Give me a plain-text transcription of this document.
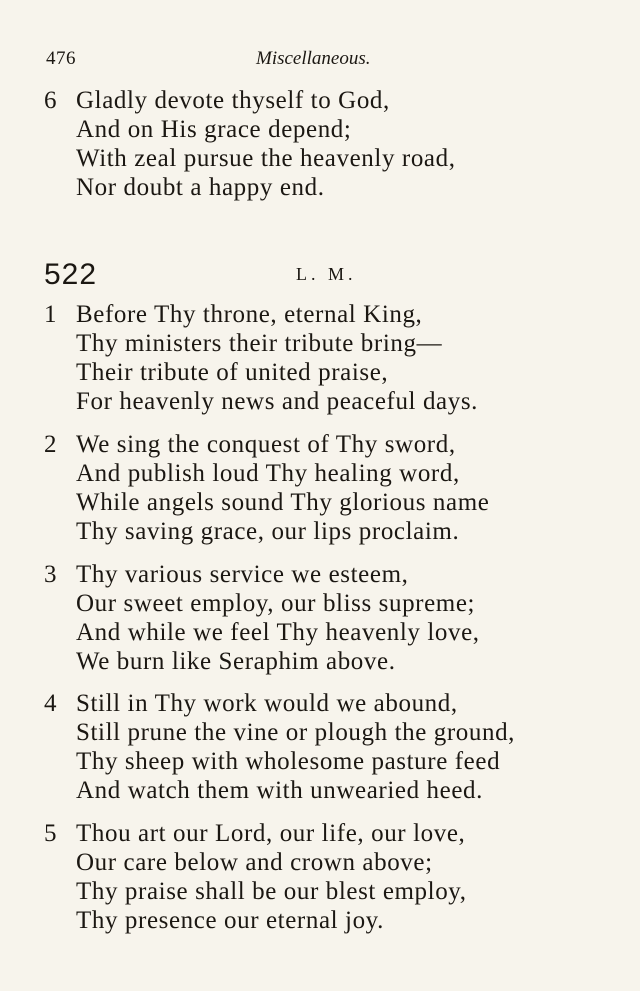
476	Miscellaneous.
6 Gladly devote thyself to God,
And on His grace depend;
With zeal pursue the heavenly road,
Nor doubt a happy end.
522	L. M.
1 Before Thy throne, eternal King,
Thy ministers their tribute bring—
Their tribute of united praise,
For heavenly news and peaceful days.
2 We sing the conquest of Thy sword,
And publish loud Thy healing word,
While angels sound Thy glorious name
Thy saving grace, our lips proclaim.
3 Thy various service we esteem,
Our sweet employ, our bliss supreme;
And while we feel Thy heavenly love,
We burn like Seraphim above.
4 Still in Thy work would we abound,
Still prune the vine or plough the ground,
Thy sheep with wholesome pasture feed
And watch them with unwearied heed.
5 Thou art our Lord, our life, our love,
Our care below and crown above;
Thy praise shall be our blest employ,
Thy presence our eternal joy.
